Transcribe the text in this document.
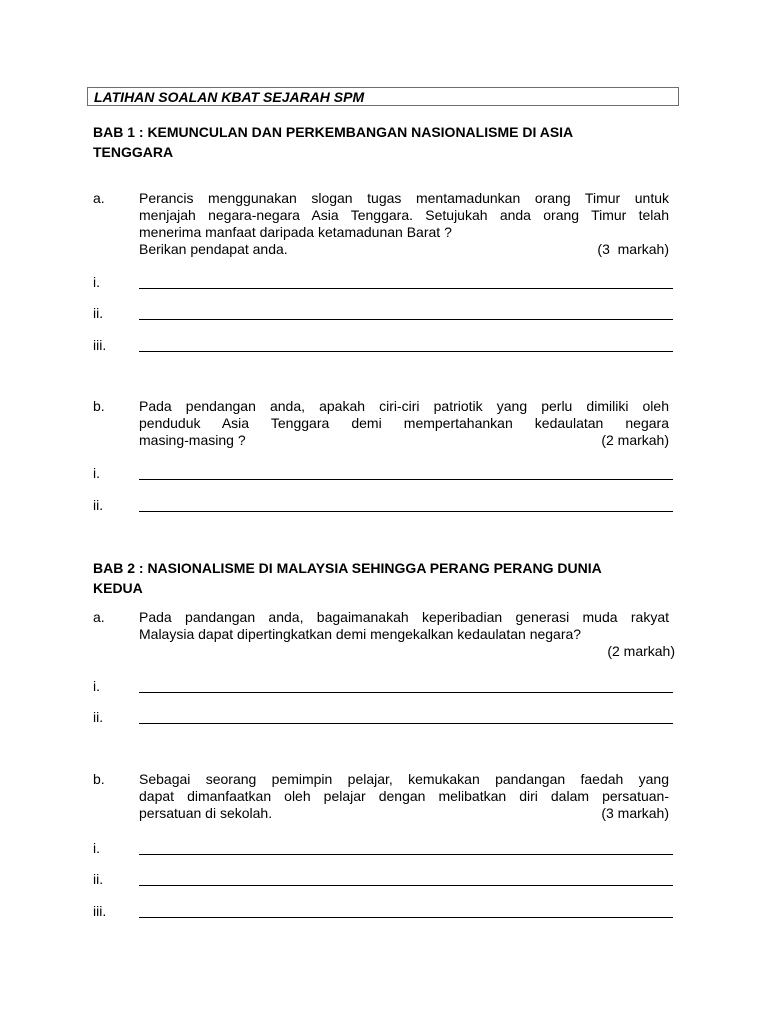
LATIHAN SOALAN KBAT SEJARAH SPM
BAB 1 : KEMUNCULAN DAN PERKEMBANGAN NASIONALISME DI ASIA
TENGGARA
a. Perancis menggunakan slogan tugas mentamadunkan orang Timur untuk
menjajah negara-negara Asia Tenggara. Setujukah anda orang Timur telah
menerima manfaat daripada ketamadunan Barat ?
Berikan pendapat anda.	(3  markah)
i.
ii.
iii.
b. Pada pendangan anda, apakah ciri-ciri patriotik yang perlu dimiliki oleh
penduduk Asia Tenggara demi mempertahankan kedaulatan negara
masing-masing ?	(2 markah)
i.
ii.
BAB 2 : NASIONALISME DI MALAYSIA SEHINGGA PERANG PERANG DUNIA
KEDUA
a. Pada pandangan anda, bagaimanakah keperibadian generasi muda rakyat
Malaysia dapat dipertingkatkan demi mengekalkan kedaulatan negara?
(2 markah)
i.
ii.
b. Sebagai seorang pemimpin pelajar, kemukakan pandangan faedah yang
dapat dimanfaatkan oleh pelajar dengan melibatkan diri dalam persatuan-
persatuan di sekolah.	(3 markah)
i.
ii.
iii.
